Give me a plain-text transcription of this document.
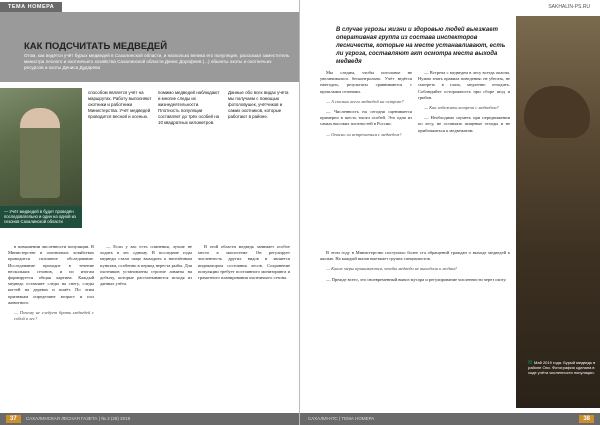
ТЕМА НОМЕРА
КАК ПОДСЧИТАТЬ МЕДВЕДЕЙ
Отом, как ведётся учёт бурых медведей в Сахалинской области, и насколько велика его популяция, рассказал заместитель министра лесного и охотничьего хозяйства Сахалинской области Денис Дорофеев (...) обьекты охоты и охотничьих ресурсов и охоты Дениса Дударева
— Учёт медведей в будет проведён последовательно и один на одной из сезонов Сахалинской области
способом является учёт на маршрутах. Работу выполняют охотники и работники Министерства. Учёт медведей проводится весной и осенью.
помимо медведей наблюдают и многие следы их жизнедеятельности. Плотность популяции составляет до трёх особей на 10 квадратных километров.
Данные обо всех видах учёта мы получаем с помощью фотоловушек, учётчиков и самих охотников, которые работают в районе.

в повышении численности популяции. В Министерстве и охотничьих хозяйствах проводится сплошное обследование. Исследование проходит в течение нескольких сезонов, и по итогам формируется общая картина. Каждый медведь оставляет следы на снегу, следы когтей на деревах и помёт. По этим признакам определяют возраст и пол животного.

— Почему не следует брать медведей с собой в лес?

— Если у вас есть сомнения, лучше не ходить в лес одному. В последние годы медведи стали чаще выходить к населённым пунктам, особенно в период нереста рыбы. Для охотников установлены строгие лимиты на добычу, которые рассчитываются исходя из данных учёта.

В этой области медведь занимает особое место в экосистеме. Он регулирует численность других видов и является индикатором состояния лесов. Сохранение популяции требует постоянного мониторинга и грамотного планирования охотничьего сезона.

37	САХАЛИНСКАЯ ЛЕСНАЯ ГАЗЕТА | № 3 (28) 2019
SAKHALIN-PS.RU
В случае угрозы жизни и здоровью людей выезжает оперативная группа из состава инспекторов лесничеств, которые на месте устанавливают, есть ли угроза, составляют акт осмотра места выхода медведя

Мы следим, чтобы поголовье не увеличивалось бесконтрольно. Учёт ведётся ежегодно, результаты сравниваются с прошлыми сезонами.

— А сколько всего медведей на острове?

— Численность на сегодня оценивается примерно в шесть тысяч особей. Это одна из самых высоких плотностей в России.

— Опасно ли встречаться с медведем?

— Встреча с медведем в лесу всегда опасна. Нужно знать правила поведения: не убегать, не смотреть в глаза, медленно отходить. Соблюдайте осторожность при сборе ягод и грибов.

— Как избежать встречи с медведем?

— Необходимо шуметь при передвижении по лесу, не оставлять пищевые отходы и не приближаться к медвежатам.

В этом году в Министерство поступило более ста обращений граждан о выходе медведей к жилью. На каждый вызов выезжает группа специалистов.

— Какие меры принимаются, чтобы медведи не выходили к людям?

— Прежде всего, это своевременный вывоз мусора и регулирование численности через охоту.

Май 2019 года. Бурый медведь в районе Охи. Фотография сделана в ходе учёта численности популяции.
САХАЛИН-ПС | ТЕМА НОМЕРА	38
